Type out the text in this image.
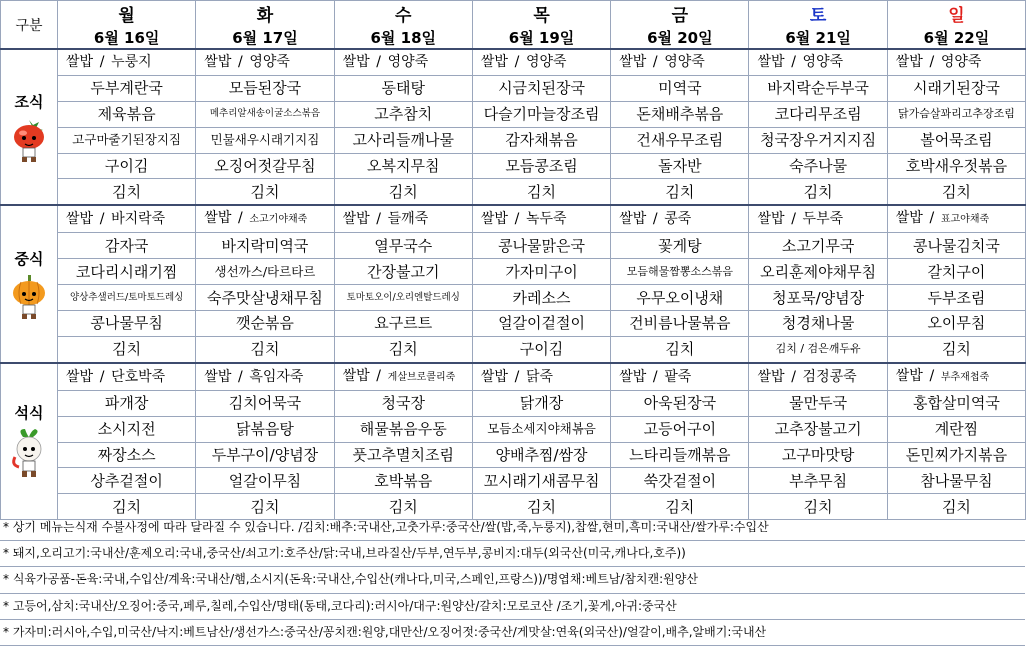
구분	월	화	수	목	금	토	일
	6월 16일	6월 17일	6월 18일	6월 19일	6월 20일	6월 21일	6월 22일

조식	쌀밥 / 누룽지	쌀밥 / 영양죽	쌀밥 / 영양죽	쌀밥 / 영양죽	쌀밥 / 영양죽	쌀밥 / 영양죽	쌀밥 / 영양죽
	두부계란국	모듬된장국	동태탕	시금치된장국	미역국	바지락순두부국	시래기된장국
	제육볶음	메추리알새송이굴소스볶음	고추참치	다슬기마늘장조림	돈채배추볶음	코다리무조림	닭가슴살꽈리고추장조림
	고구마줄기된장지짐	민물새우시래기지짐	고사리들깨나물	감자채볶음	건새우무조림	청국장우거지지짐	볼어묵조림
	구이김	오징어젓갈무침	오복지무침	모듬콩조림	돌자반	숙주나물	호박새우젓볶음
	김치	김치	김치	김치	김치	김치	김치

중식	쌀밥 / 바지락죽	쌀밥 / 소고기야채죽	쌀밥 / 들깨죽	쌀밥 / 녹두죽	쌀밥 / 콩죽	쌀밥 / 두부죽	쌀밥 / 표고야채죽
	감자국	바지락미역국	열무국수	콩나물맑은국	꽃게탕	소고기무국	콩나물김치국
	코다리시래기찜	생선까스/타르타르	간장불고기	가자미구이	모듬해물짬뽕소스볶음	오리훈제야채무침	갈치구이
	양상추샐러드/토마토드레싱	숙주맛살냉채무침	토마토오이/오리엔탈드레싱	카레소스	우무오이냉채	청포묵/양념장	두부조림
	콩나물무침	깻순볶음	요구르트	얼갈이겉절이	건비름나물볶음	청경채나물	오이무침
	김치	김치	김치	구이김	김치	김치 / 검은깨두유	김치

석식	쌀밥 / 단호박죽	쌀밥 / 흑임자죽	쌀밥 / 게살브로콜리죽	쌀밥 / 닭죽	쌀밥 / 팥죽	쌀밥 / 검정콩죽	쌀밥 / 부추재첩죽
	파개장	김치어묵국	청국장	닭개장	아욱된장국	물만두국	홍합살미역국
	소시지전	닭볶음탕	해물볶음우동	모듬소세지야채볶음	고등어구이	고추장불고기	계란찜
	짜장소스	두부구이/양념장	풋고추멸치조림	양배추찜/쌈장	느타리들깨볶음	고구마맛탕	돈민찌가지볶음
	상추겉절이	얼갈이무침	호박볶음	꼬시래기새콤무침	쑥갓겉절이	부추무침	참나물무침
	김치	김치	김치	김치	김치	김치	김치
* 상기 메뉴는식재 수불사정에 따라 달라질 수 있습니다. /김치:배추:국내산,고춧가루:중국산/쌀(밥,죽,누룽지),찹쌀,현미,흑미:국내산/쌀가루:수입산
* 돼지,오리고기:국내산/훈제오리:국내,중국산/쇠고기:호주산/닭:국내,브라질산/두부,연두부,콩비지:대두(외국산(미국,캐나다,호주))
* 식육가공품-돈육:국내,수입산/계육:국내산/햄,소시지(돈육:국내산,수입산(캐나다,미국,스페인,프랑스))/명엽채:베트남/참치캔:원양산
* 고등어,삼치:국내산/오징어:중국,페루,칠레,수입산/명태(동태,코다리):러시아/대구:원양산/갈치:모로코산 /조기,꽃게,아귀:중국산
* 가자미:러시아,수입,미국산/낙지:베트남산/생선가스:중국산/꽁치캔:원양,대만산/오징어젓:중국산/게맛살:연육(외국산)/얼갈이,배추,알배기:국내산
